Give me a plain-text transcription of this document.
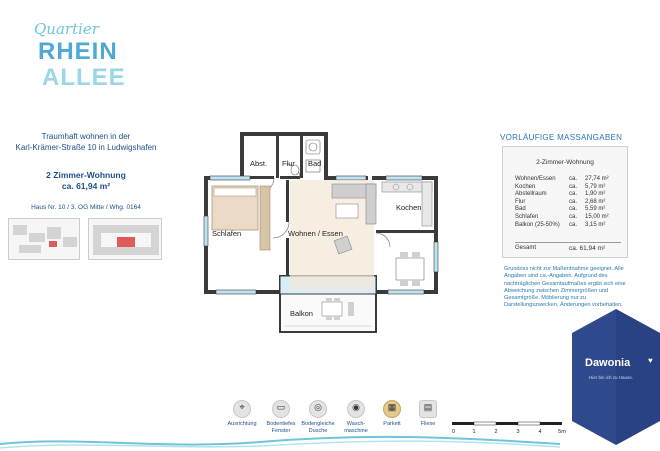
Quartier
RHEIN
ALLEE
Traumhaft wohnen in der
Karl-Krämer-Straße 10 in Ludwigshafen
2 Zimmer-Wohnung
ca. 61,94 m²
Haus Nr. 10 / 3. OG Mitte / Whg. 0164
Abst. Flur Bad
Schlafen	Wohnen / Essen
Kochen
Balkon
VORLÄUFIGE MASSANGABEN
2-Zimmer-Wohnung
Wohnen/Essen	ca.	27,74 m²
Kochen	ca.	5,79 m²
Abstellraum	ca.	1,90 m²
Flur	ca.	2,68 m²
Bad	ca.	5,59 m²
Schlafen	ca.	15,00 m²
Balkon (25-50%)	ca.	3,15 m²
Gesamt	ca. 61,94 m²
Grundriss nicht zur Maßentnahme geeignet. Alle Angaben sind ca.-Angaben. Aufgrund des nachträglichen Gesamtaufmaßes ergibt sich eine Abweichung zwischen Zimmergrößen und Gesamtgröße. Möblierung nur zu Darstellungszwecken. Änderungen vorbehalten.
Dawonia ♥
Hier bin ich zu Hause.
⌖
Ausrichtung
▭
Bodentiefes Fenster
◎
Bodengleiche Dusche
◉
Wasch-maschine
▦
Parkett
▤
Fliese
0	1	2	3	4	5m
